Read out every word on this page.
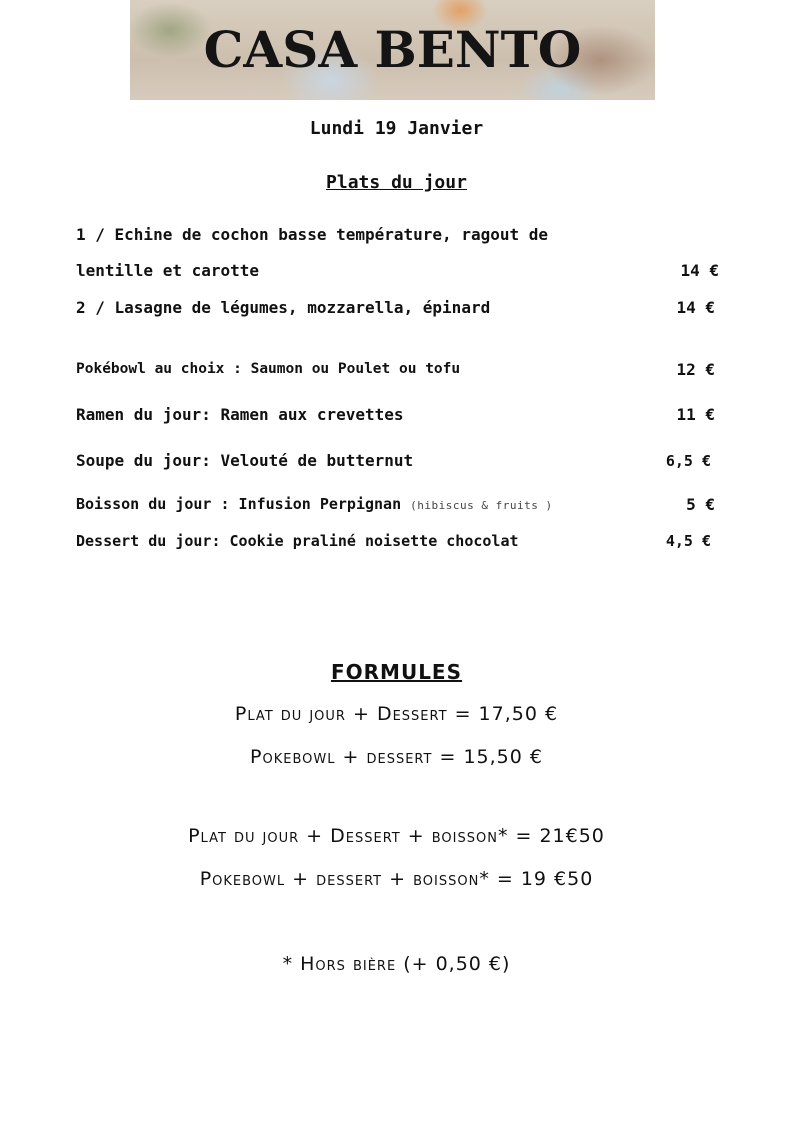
CASA BENTO
Lundi 19 Janvier
Plats du jour
1 / Echine de cochon basse température, ragout de
lentille et carotte	14 €
2 / Lasagne de légumes, mozzarella, épinard	14 €
Pokébowl au choix : Saumon ou Poulet ou tofu	12 €
Ramen du jour: Ramen aux crevettes	11 €
Soupe du jour: Velouté de butternut	6,5 €
Boisson du jour : Infusion Perpignan (hibiscus & fruits )	5 €
Dessert du jour: Cookie praliné noisette chocolat	4,5 €
FORMULES
Plat du jour + Dessert = 17,50 €
Pokebowl + dessert = 15,50 €
Plat du jour + Dessert + boisson* = 21€50
Pokebowl + dessert + boisson* = 19 €50
* Hors bière (+ 0,50 €)
